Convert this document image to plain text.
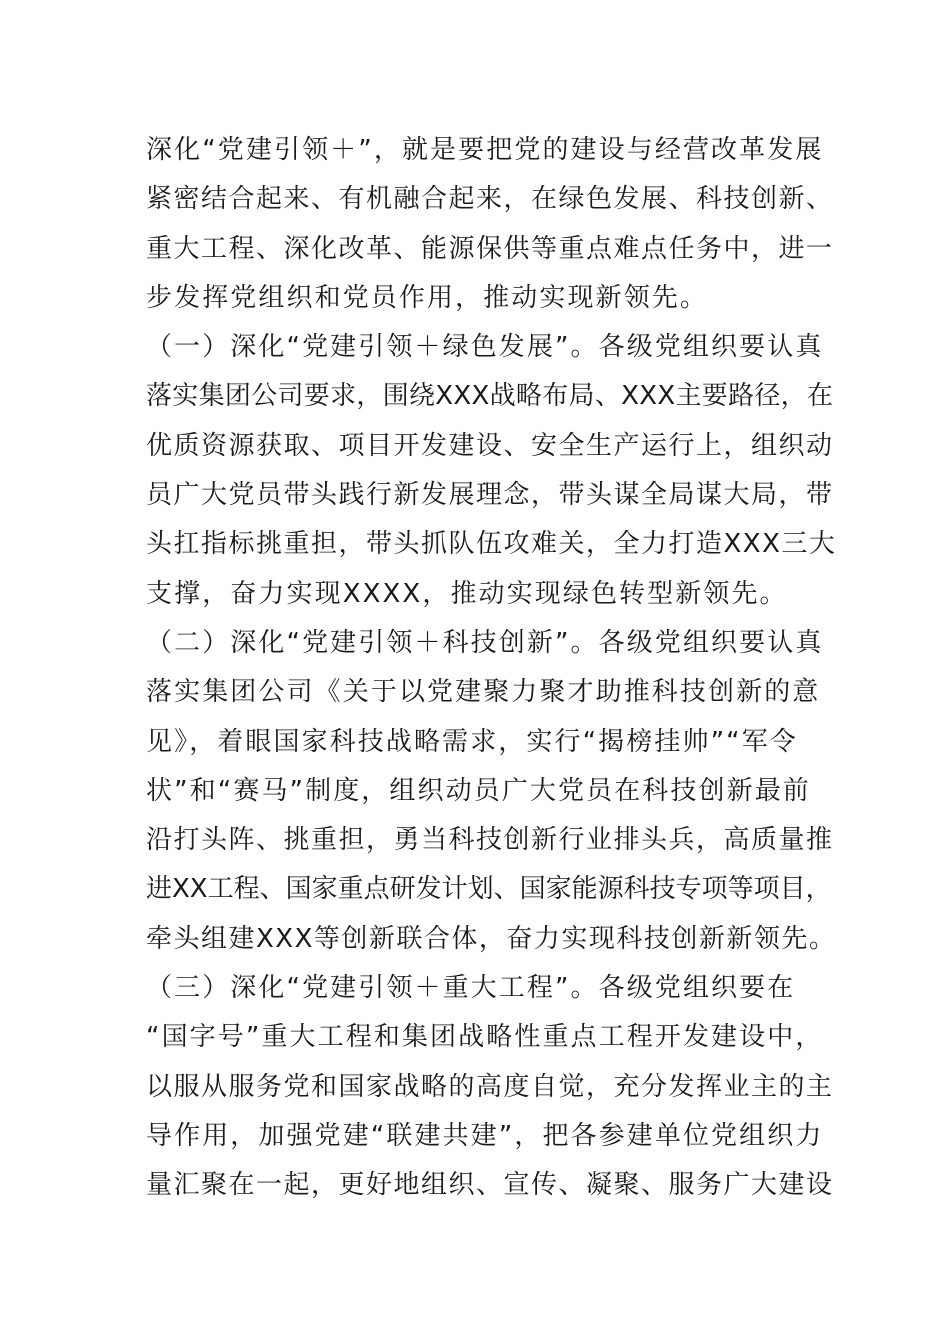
深化“党建引领＋”，就是要把党的建设与经营改革发展
紧密结合起来、有机融合起来，在绿色发展、科技创新、
重大工程、深化改革、能源保供等重点难点任务中，进一
步发挥党组织和党员作用，推动实现新领先。
（一）深化“党建引领＋绿色发展”。各级党组织要认真
落实集团公司要求，围绕XXX战略布局、XXX主要路径，在
优质资源获取、项目开发建设、安全生产运行上，组织动
员广大党员带头践行新发展理念，带头谋全局谋大局，带
头扛指标挑重担，带头抓队伍攻难关，全力打造XXX三大
支撑，奋力实现XXXX，推动实现绿色转型新领先。
（二）深化“党建引领＋科技创新”。各级党组织要认真
落实集团公司《关于以党建聚力聚才助推科技创新的意
见》，着眼国家科技战略需求，实行“揭榜挂帅”“军令
状”和“赛马”制度，组织动员广大党员在科技创新最前
沿打头阵、挑重担，勇当科技创新行业排头兵，高质量推
进XX工程、国家重点研发计划、国家能源科技专项等项目，
牵头组建XXX等创新联合体，奋力实现科技创新新领先。
（三）深化“党建引领＋重大工程”。各级党组织要在
“国字号”重大工程和集团战略性重点工程开发建设中，
以服从服务党和国家战略的高度自觉，充分发挥业主的主
导作用，加强党建“联建共建”，把各参建单位党组织力
量汇聚在一起，更好地组织、宣传、凝聚、服务广大建设
